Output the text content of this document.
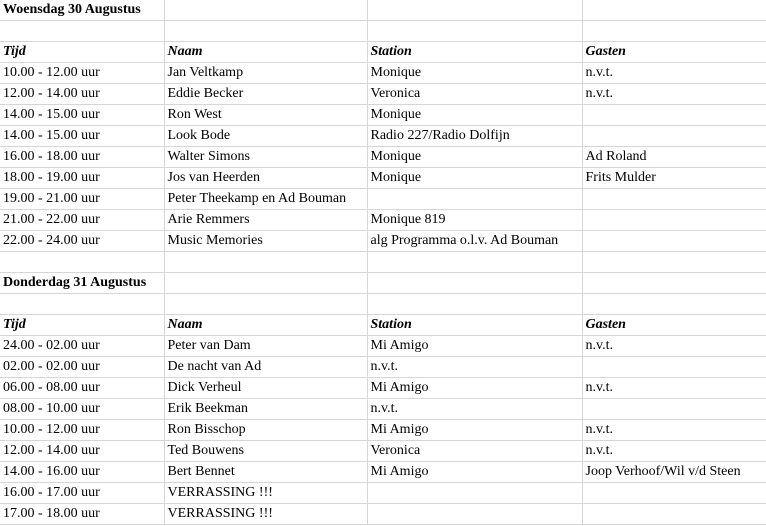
Woensdag 30 Augustus			

Tijd	Naam	Station	Gasten
10.00 - 12.00 uur	Jan Veltkamp	Monique	n.v.t.
12.00 - 14.00 uur	Eddie Becker	Veronica	n.v.t.
14.00 - 15.00 uur	Ron West	Monique	
14.00 - 15.00 uur	Look Bode	Radio 227/Radio Dolfijn	
16.00 - 18.00 uur	Walter Simons	Monique	Ad Roland
18.00 - 19.00 uur	Jos van Heerden	Monique	Frits Mulder
19.00 - 21.00 uur	Peter Theekamp en Ad Bouman		
21.00 - 22.00 uur	Arie Remmers	Monique 819	
22.00 - 24.00 uur	Music Memories	alg Programma o.l.v. Ad Bouman	

Donderdag 31 Augustus			

Tijd	Naam	Station	Gasten
24.00 - 02.00 uur	Peter van Dam	Mi Amigo	n.v.t.
02.00 - 02.00 uur	De nacht van Ad	n.v.t.	
06.00 - 08.00 uur	Dick Verheul	Mi Amigo	n.v.t.
08.00 - 10.00 uur	Erik Beekman	n.v.t.	
10.00 - 12.00 uur	Ron Bisschop	Mi Amigo	n.v.t.
12.00 - 14.00 uur	Ted Bouwens	Veronica	n.v.t.
14.00 - 16.00 uur	Bert Bennet	Mi Amigo	Joop Verhoof/Wil v/d Steen
16.00 - 17.00 uur	VERRASSING !!!		
17.00 - 18.00 uur	VERRASSING !!!		
